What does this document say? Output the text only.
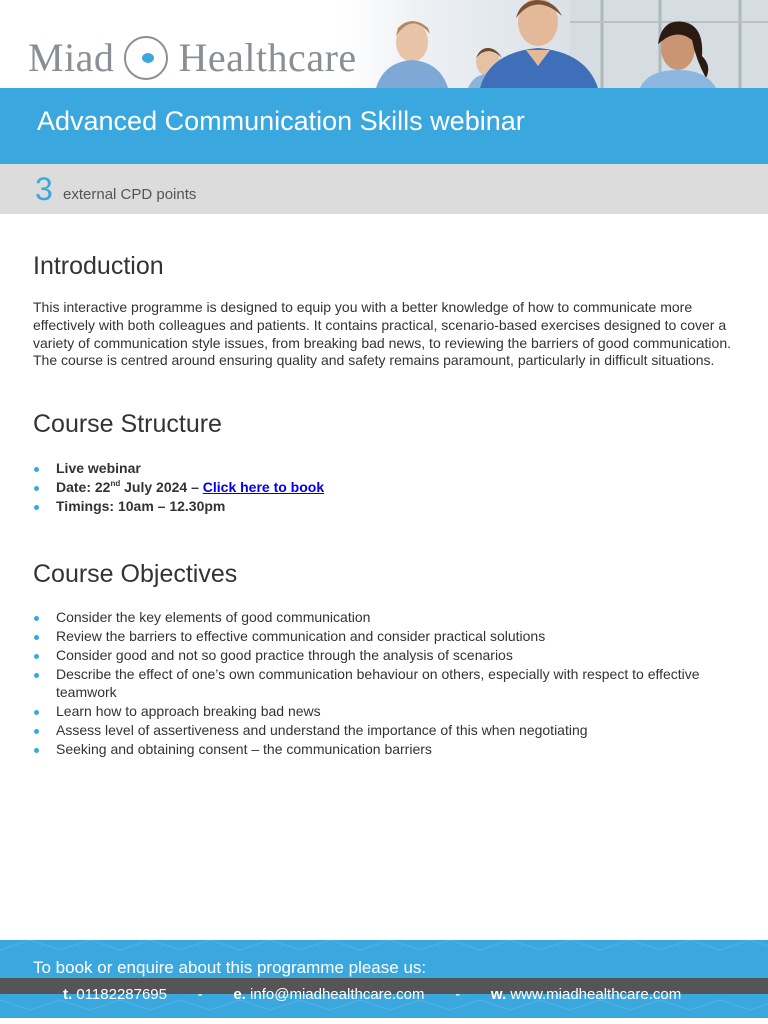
Miad Healthcare
Advanced Communication Skills webinar
3 external CPD points
Introduction
This interactive programme is designed to equip you with a better knowledge of how to communicate more effectively with both colleagues and patients. It contains practical, scenario-based exercises designed to cover a variety of communication style issues, from breaking bad news, to reviewing the barriers of good communication. The course is centred around ensuring quality and safety remains paramount, particularly in difficult situations.
Course Structure
Live webinar
Date: 22nd July 2024 – Click here to book
Timings: 10am – 12.30pm
Course Objectives
Consider the key elements of good communication
Review the barriers to effective communication and consider practical solutions
Consider good and not so good practice through the analysis of scenarios
Describe the effect of one’s own communication behaviour on others, especially with respect to effective teamwork
Learn how to approach breaking bad news
Assess level of assertiveness and understand the importance of this when negotiating
Seeking and obtaining consent – the communication barriers
To book or enquire about this programme please us:
t. 01182287695 - e. info@miadhealthcare.com - w. www.miadhealthcare.com
